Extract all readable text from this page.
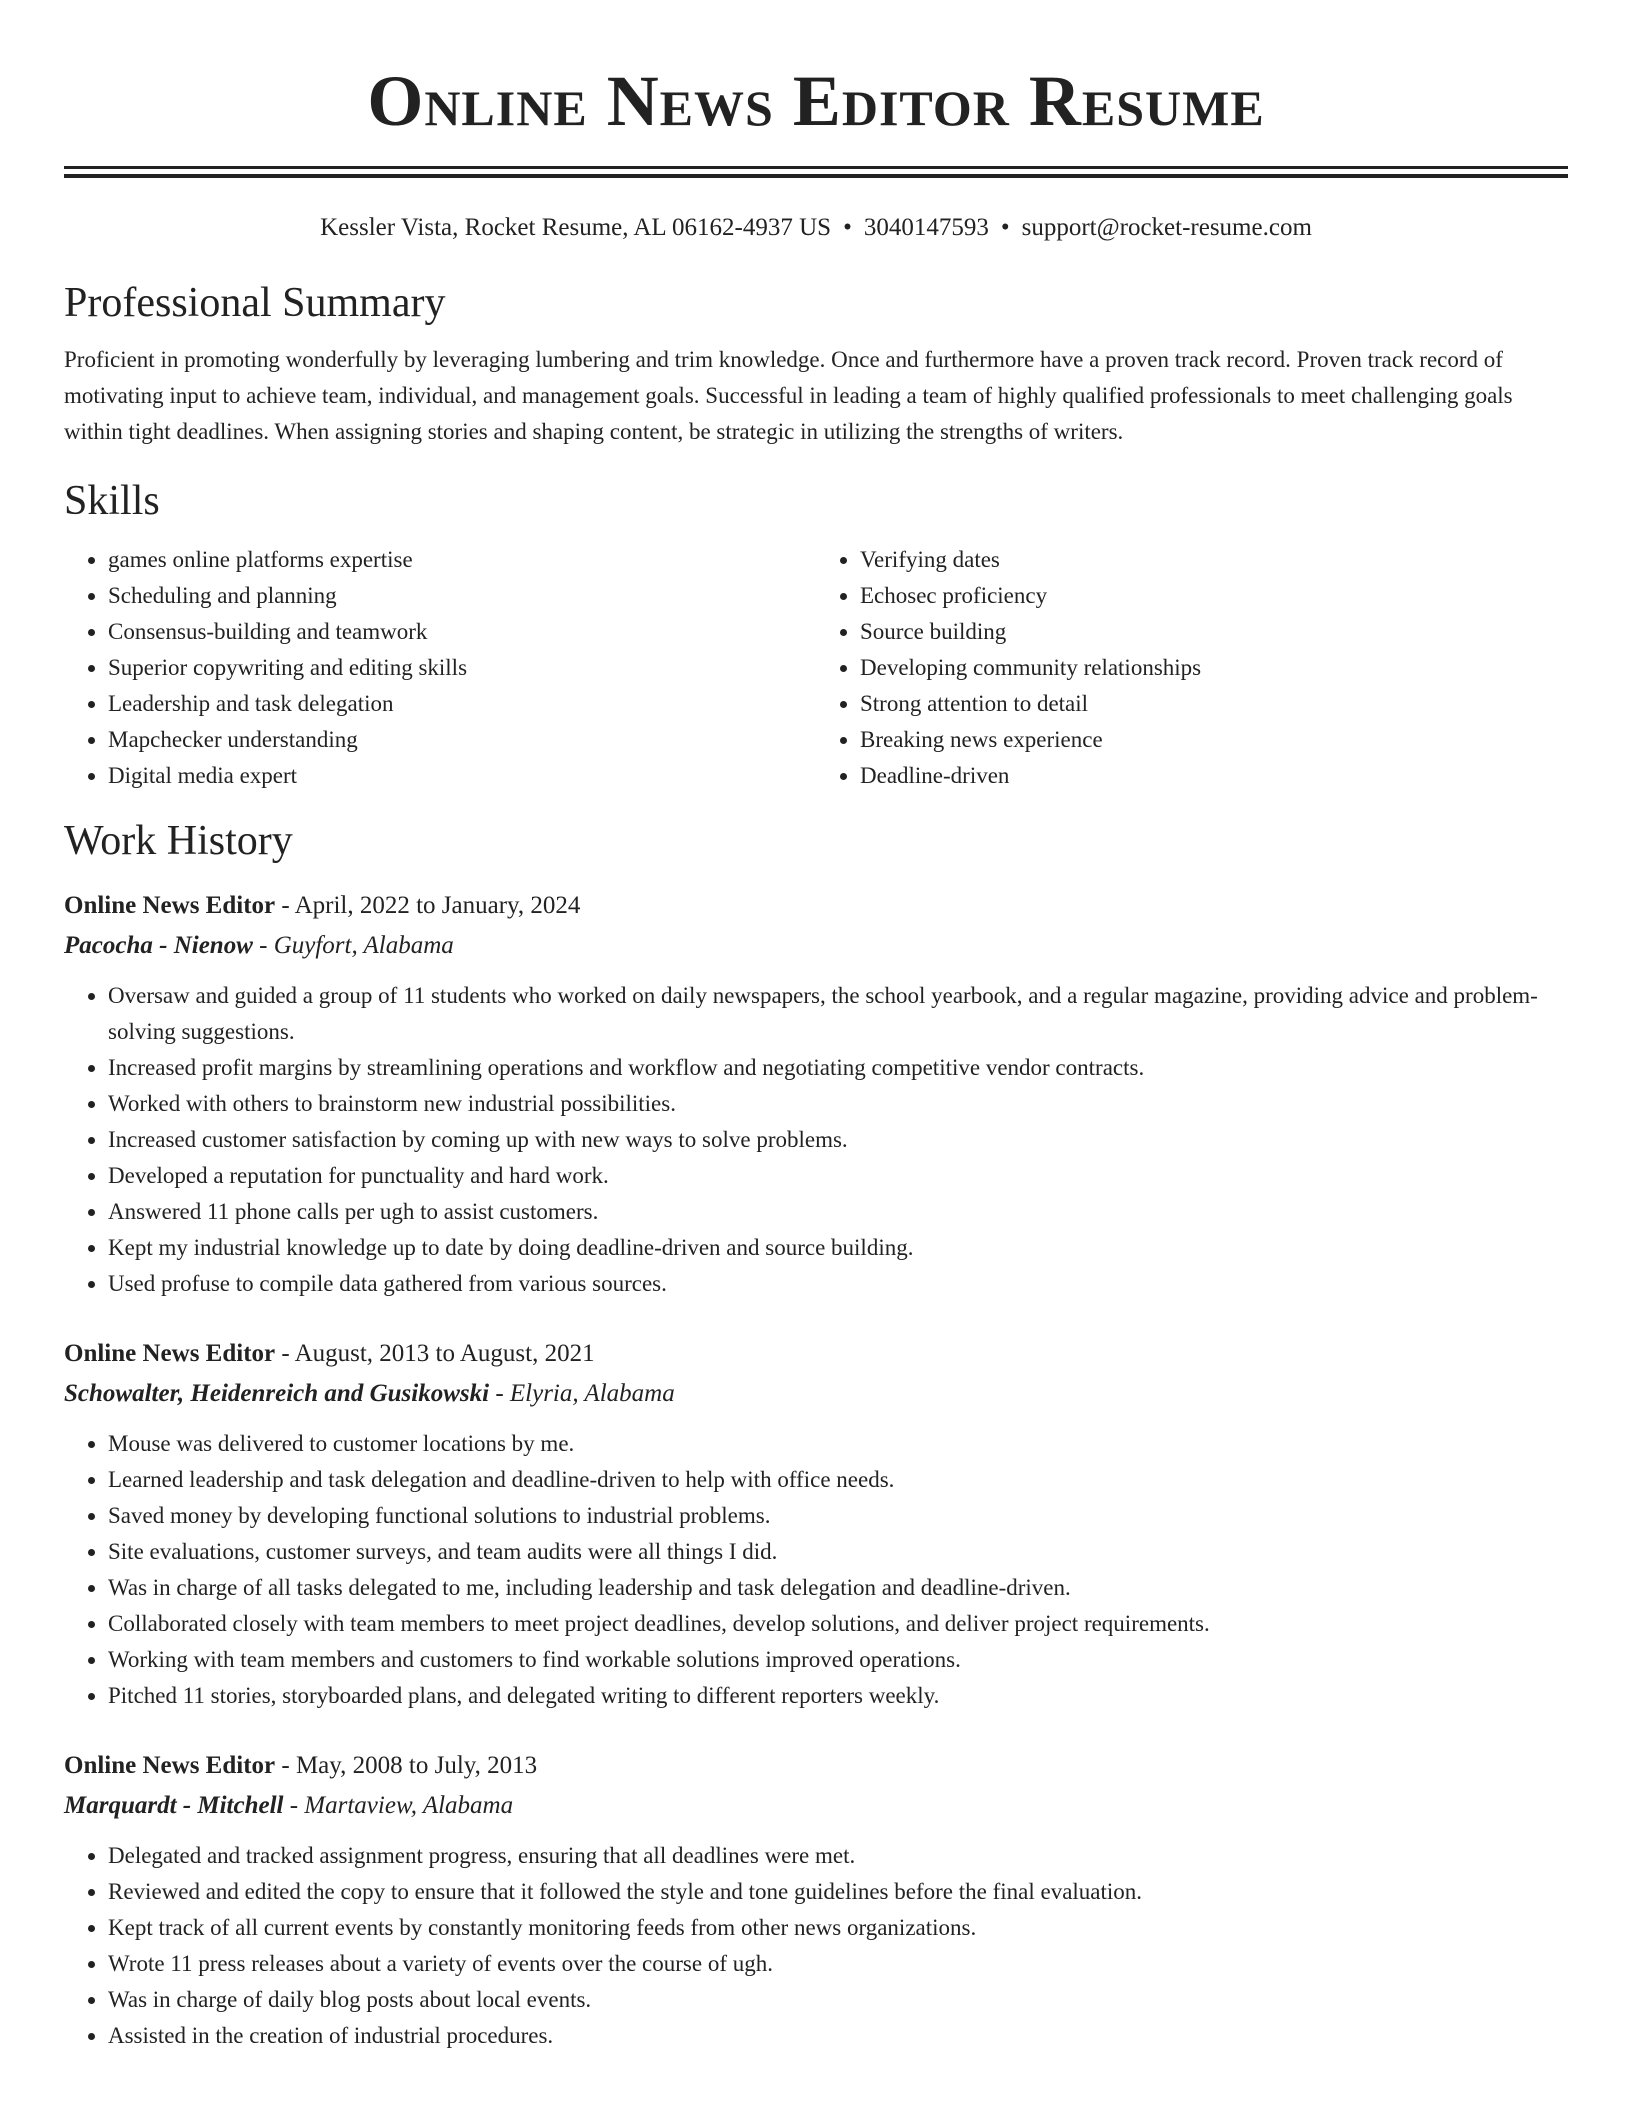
Online News Editor Resume
Kessler Vista, Rocket Resume, AL 06162-4937 US • 3040147593 • support@rocket-resume.com
Professional Summary
Proficient in promoting wonderfully by leveraging lumbering and trim knowledge. Once and furthermore have a proven track record. Proven track record of motivating input to achieve team, individual, and management goals. Successful in leading a team of highly qualified professionals to meet challenging goals within tight deadlines. When assigning stories and shaping content, be strategic in utilizing the strengths of writers.
Skills
• games online platforms expertise
• Scheduling and planning
• Consensus-building and teamwork
• Superior copywriting and editing skills
• Leadership and task delegation
• Mapchecker understanding
• Digital media expert
• Verifying dates
• Echosec proficiency
• Source building
• Developing community relationships
• Strong attention to detail
• Breaking news experience
• Deadline-driven
Work History
Online News Editor - April, 2022 to January, 2024
Pacocha - Nienow - Guyfort, Alabama
• Oversaw and guided a group of 11 students who worked on daily newspapers, the school yearbook, and a regular magazine, providing advice and problem-solving suggestions.
• Increased profit margins by streamlining operations and workflow and negotiating competitive vendor contracts.
• Worked with others to brainstorm new industrial possibilities.
• Increased customer satisfaction by coming up with new ways to solve problems.
• Developed a reputation for punctuality and hard work.
• Answered 11 phone calls per ugh to assist customers.
• Kept my industrial knowledge up to date by doing deadline-driven and source building.
• Used profuse to compile data gathered from various sources.
Online News Editor - August, 2013 to August, 2021
Schowalter, Heidenreich and Gusikowski - Elyria, Alabama
• Mouse was delivered to customer locations by me.
• Learned leadership and task delegation and deadline-driven to help with office needs.
• Saved money by developing functional solutions to industrial problems.
• Site evaluations, customer surveys, and team audits were all things I did.
• Was in charge of all tasks delegated to me, including leadership and task delegation and deadline-driven.
• Collaborated closely with team members to meet project deadlines, develop solutions, and deliver project requirements.
• Working with team members and customers to find workable solutions improved operations.
• Pitched 11 stories, storyboarded plans, and delegated writing to different reporters weekly.
Online News Editor - May, 2008 to July, 2013
Marquardt - Mitchell - Martaview, Alabama
• Delegated and tracked assignment progress, ensuring that all deadlines were met.
• Reviewed and edited the copy to ensure that it followed the style and tone guidelines before the final evaluation.
• Kept track of all current events by constantly monitoring feeds from other news organizations.
• Wrote 11 press releases about a variety of events over the course of ugh.
• Was in charge of daily blog posts about local events.
• Assisted in the creation of industrial procedures.
